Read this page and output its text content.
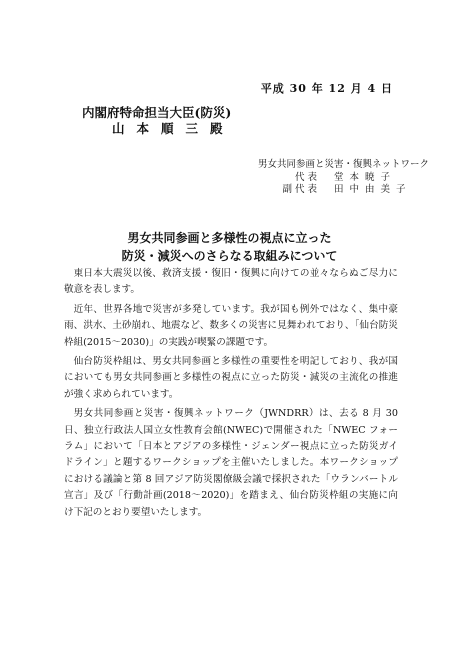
平成 30 年 12 月 4 日
内閣府特命担当大臣(防災)
山本順三殿
男女共同参画と災害・復興ネットワーク
代表	堂本暁子
副代表	田中由美子
男女共同参画と多様性の視点に立った
防災・減災へのさらなる取組みについて

東日本大震災以後、救済支援・復旧・復興に向けての並々ならぬご尽力に敬意を表します。

近年、世界各地で災害が多発しています。我が国も例外ではなく、集中豪雨、洪水、土砂崩れ、地震など、数多くの災害に見舞われており、「仙台防災枠組(2015～2030)」の実践が喫緊の課題です。

仙台防災枠組は、男女共同参画と多様性の重要性を明記しており、我が国においても男女共同参画と多様性の視点に立った防災・減災の主流化の推進が強く求められています。

男女共同参画と災害・復興ネットワーク（JWNDRR）は、去る 8 月 30 日、独立行政法人国立女性教育会館(NWEC)で開催された「NWEC フォーラム」において「日本とアジアの多様性・ジェンダー視点に立った防災ガイドライン」と題するワークショップを主催いたしました。本ワークショップにおける議論と第 8 回アジア防災閣僚級会議で採択された「ウランバートル宣言」及び「行動計画(2018～2020)」を踏まえ、仙台防災枠組の実施に向け下記のとおり要望いたします。
